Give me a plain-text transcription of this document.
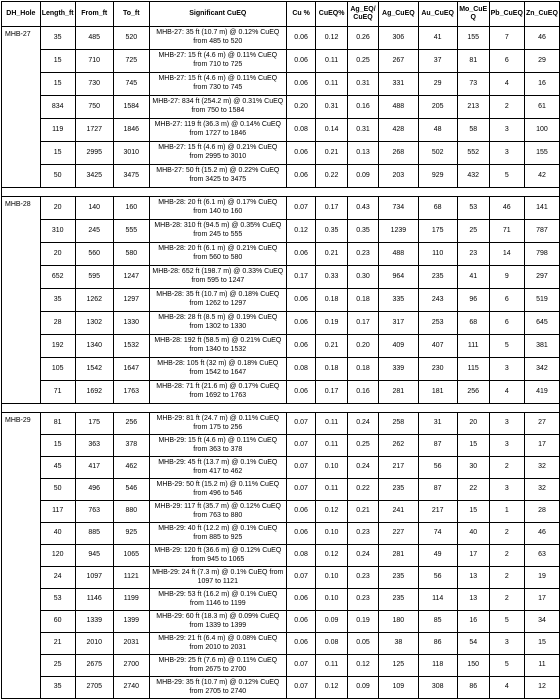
DH_Hole	Length_ft	From_ft	To_ft	Significant CuEQ	Cu %	CuEQ%	Ag_EQ/ CuEQ	Ag_CuEQ	Au_CuEQ	Mo_CuE Q	Pb_CuEQ	Zn_CuEQ
MHB-27	35	485	520	MHB-27: 35 ft (10.7 m) @ 0.12% CuEQ from 485 to 520	0.06	0.12	0.26	306	41	155	7	46
	15	710	725	MHB-27: 15 ft (4.6 m) @ 0.11% CuEQ from 710 to 725	0.06	0.11	0.25	267	37	81	6	29
	15	730	745	MHB-27: 15 ft (4.6 m) @ 0.11% CuEQ from 730 to 745	0.06	0.11	0.31	331	29	73	4	16
	834	750	1584	MHB-27: 834 ft (254.2 m) @ 0.31% CuEQ from 750 to 1584	0.20	0.31	0.16	488	205	213	2	61
	119	1727	1846	MHB-27: 119 ft (36.3 m) @ 0.14% CuEQ from 1727 to 1846	0.08	0.14	0.31	428	48	58	3	100
	15	2995	3010	MHB-27: 15 ft (4.6 m) @ 0.21% CuEQ from 2995 to 3010	0.06	0.21	0.13	268	502	552	3	155
	50	3425	3475	MHB-27: 50 ft (15.2 m) @ 0.22% CuEQ from 3425 to 3475	0.06	0.22	0.09	203	929	432	5	42

MHB-28	20	140	160	MHB-28: 20 ft (6.1 m) @ 0.17% CuEQ from 140 to 160	0.07	0.17	0.43	734	68	53	46	141
	310	245	555	MHB-28: 310 ft (94.5 m) @ 0.35% CuEQ from 245 to 555	0.12	0.35	0.35	1239	175	25	71	787
	20	560	580	MHB-28: 20 ft (6.1 m) @ 0.21% CuEQ from 560 to 580	0.06	0.21	0.23	488	110	23	14	798
	652	595	1247	MHB-28: 652 ft (198.7 m) @ 0.33% CuEQ from 595 to 1247	0.17	0.33	0.30	964	235	41	9	297
	35	1262	1297	MHB-28: 35 ft (10.7 m) @ 0.18% CuEQ from 1262 to 1297	0.06	0.18	0.18	335	243	96	6	519
	28	1302	1330	MHB-28: 28 ft (8.5 m) @ 0.19% CuEQ from 1302 to 1330	0.06	0.19	0.17	317	253	68	6	645
	192	1340	1532	MHB-28: 192 ft (58.5 m) @ 0.21% CuEQ from 1340 to 1532	0.06	0.21	0.20	409	407	111	5	381
	105	1542	1647	MHB-28: 105 ft (32 m) @ 0.18% CuEQ from 1542 to 1647	0.08	0.18	0.18	339	230	115	3	342
	71	1692	1763	MHB-28: 71 ft (21.6 m) @ 0.17% CuEQ from 1692 to 1763	0.06	0.17	0.16	281	181	256	4	419

MHB-29	81	175	256	MHB-29: 81 ft (24.7 m) @ 0.11% CuEQ from 175 to 256	0.07	0.11	0.24	258	31	20	3	27
	15	363	378	MHB-29: 15 ft (4.6 m) @ 0.11% CuEQ from 363 to 378	0.07	0.11	0.25	262	87	15	3	17
	45	417	462	MHB-29: 45 ft (13.7 m) @ 0.1% CuEQ from 417 to 462	0.07	0.10	0.24	217	56	30	2	32
	50	496	546	MHB-29: 50 ft (15.2 m) @ 0.11% CuEQ from 496 to 546	0.07	0.11	0.22	235	87	22	3	32
	117	763	880	MHB-29: 117 ft (35.7 m) @ 0.12% CuEQ from 763 to 880	0.06	0.12	0.21	241	217	15	1	28
	40	885	925	MHB-29: 40 ft (12.2 m) @ 0.1% CuEQ from 885 to 925	0.06	0.10	0.23	227	74	40	2	46
	120	945	1065	MHB-29: 120 ft (36.6 m) @ 0.12% CuEQ from 945 to 1065	0.08	0.12	0.24	281	49	17	2	63
	24	1097	1121	MHB-29: 24 ft (7.3 m) @ 0.1% CuEQ from 1097 to 1121	0.07	0.10	0.23	235	56	13	2	19
	53	1146	1199	MHB-29: 53 ft (16.2 m) @ 0.1% CuEQ from 1146 to 1199	0.06	0.10	0.23	235	114	13	2	17
	60	1339	1399	MHB-29: 60 ft (18.3 m) @ 0.09% CuEQ from 1339 to 1399	0.06	0.09	0.19	180	85	16	5	34
	21	2010	2031	MHB-29: 21 ft (6.4 m) @ 0.08% CuEQ from 2010 to 2031	0.06	0.08	0.05	38	86	54	3	15
	25	2675	2700	MHB-29: 25 ft (7.6 m) @ 0.11% CuEQ from 2675 to 2700	0.07	0.11	0.12	125	118	150	5	11
	35	2705	2740	MHB-29: 35 ft (10.7 m) @ 0.12% CuEQ from 2705 to 2740	0.07	0.12	0.09	109	308	86	4	12
